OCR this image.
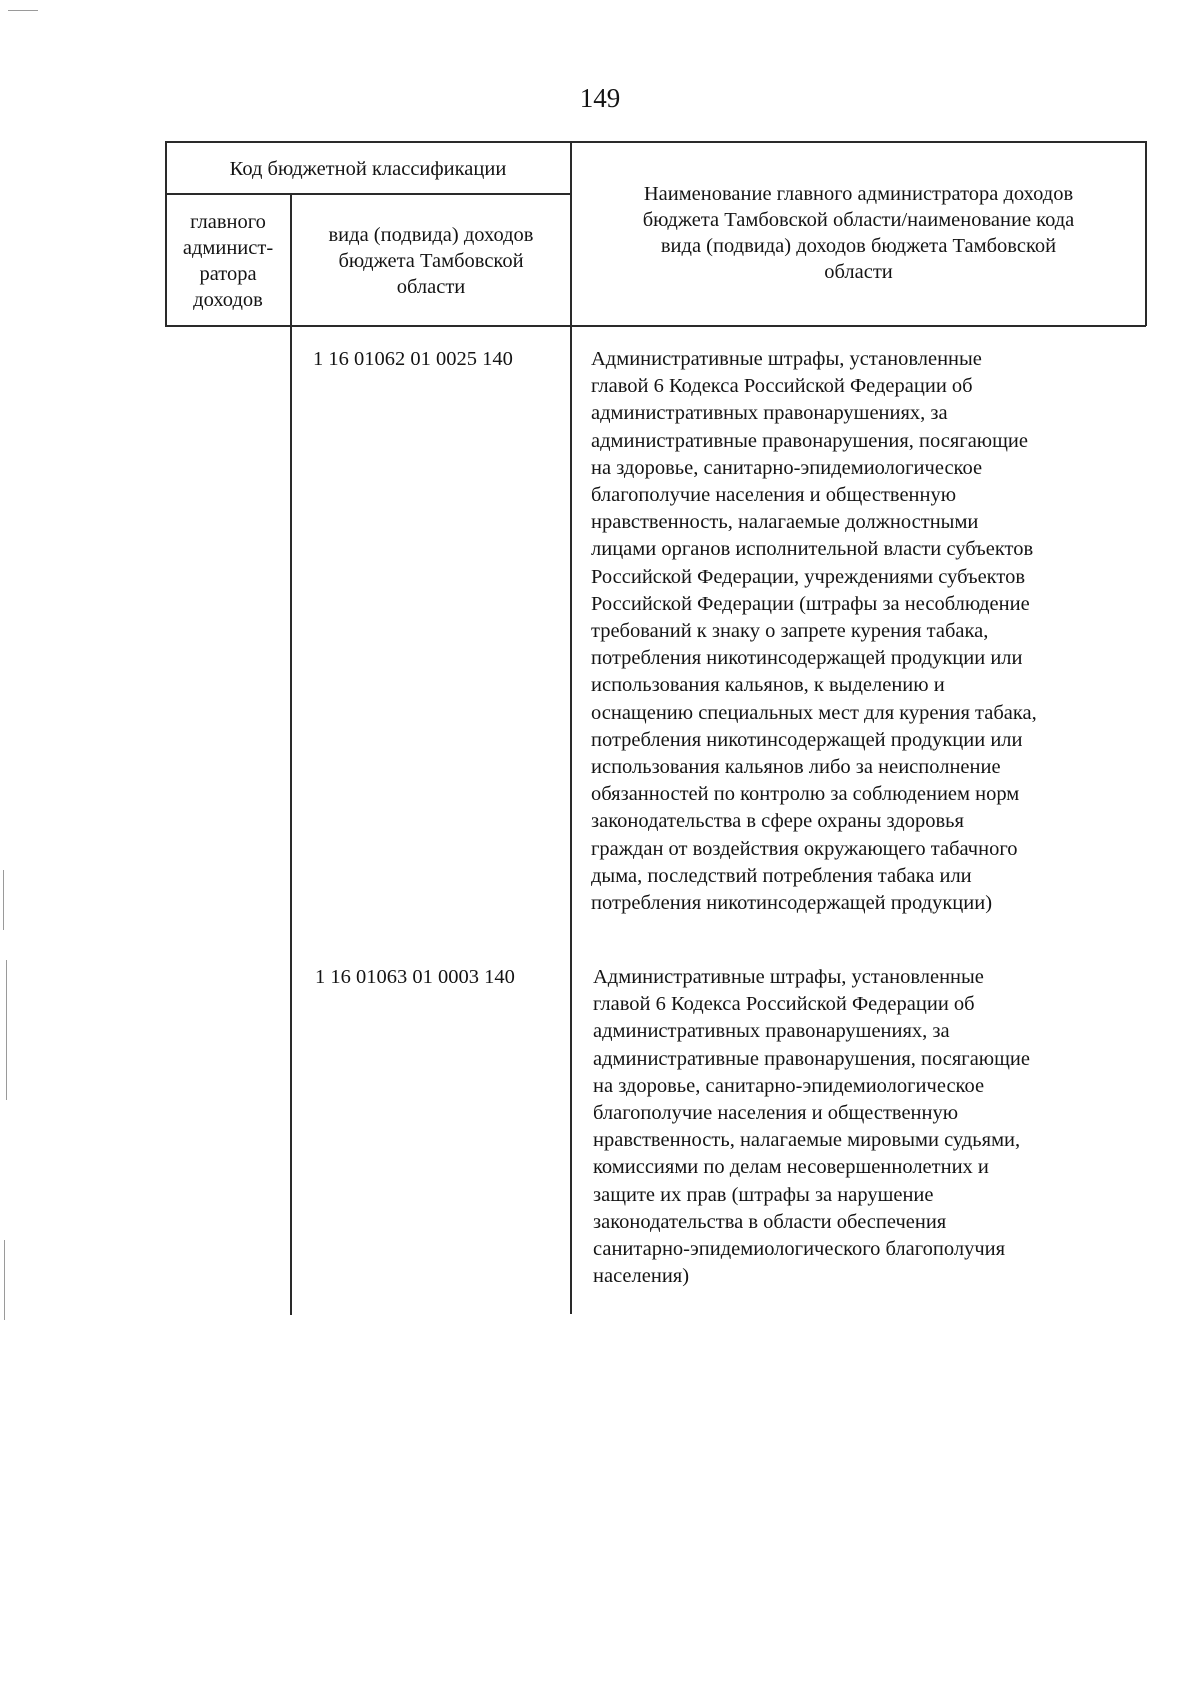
149
Код бюджетной классификации
главного
админист-
ратора
доходов
вида (подвида) доходов
бюджета Тамбовской
области
Наименование главного администратора доходов
бюджета Тамбовской области/наименование кода
вида (подвида) доходов бюджета Тамбовской
области
1 16 01062 01 0025 140	Административные штрафы, установленные
главой 6 Кодекса Российской Федерации об
административных правонарушениях, за
административные правонарушения, посягающие
на здоровье, санитарно-эпидемиологическое
благополучие населения и общественную
нравственность, налагаемые должностными
лицами органов исполнительной власти субъектов
Российской Федерации, учреждениями субъектов
Российской Федерации (штрафы за несоблюдение
требований к знаку о запрете курения табака,
потребления никотинсодержащей продукции или
использования кальянов, к выделению и
оснащению специальных мест для курения табака,
потребления никотинсодержащей продукции или
использования кальянов либо за неисполнение
обязанностей по контролю за соблюдением норм
законодательства в сфере охраны здоровья
граждан от воздействия окружающего табачного
дыма, последствий потребления табака или
потребления никотинсодержащей продукции)
1 16 01063 01 0003 140	Административные штрафы, установленные
главой 6 Кодекса Российской Федерации об
административных правонарушениях, за
административные правонарушения, посягающие
на здоровье, санитарно-эпидемиологическое
благополучие населения и общественную
нравственность, налагаемые мировыми судьями,
комиссиями по делам несовершеннолетних и
защите их прав (штрафы за нарушение
законодательства в области обеспечения
санитарно-эпидемиологического благополучия
населения)
